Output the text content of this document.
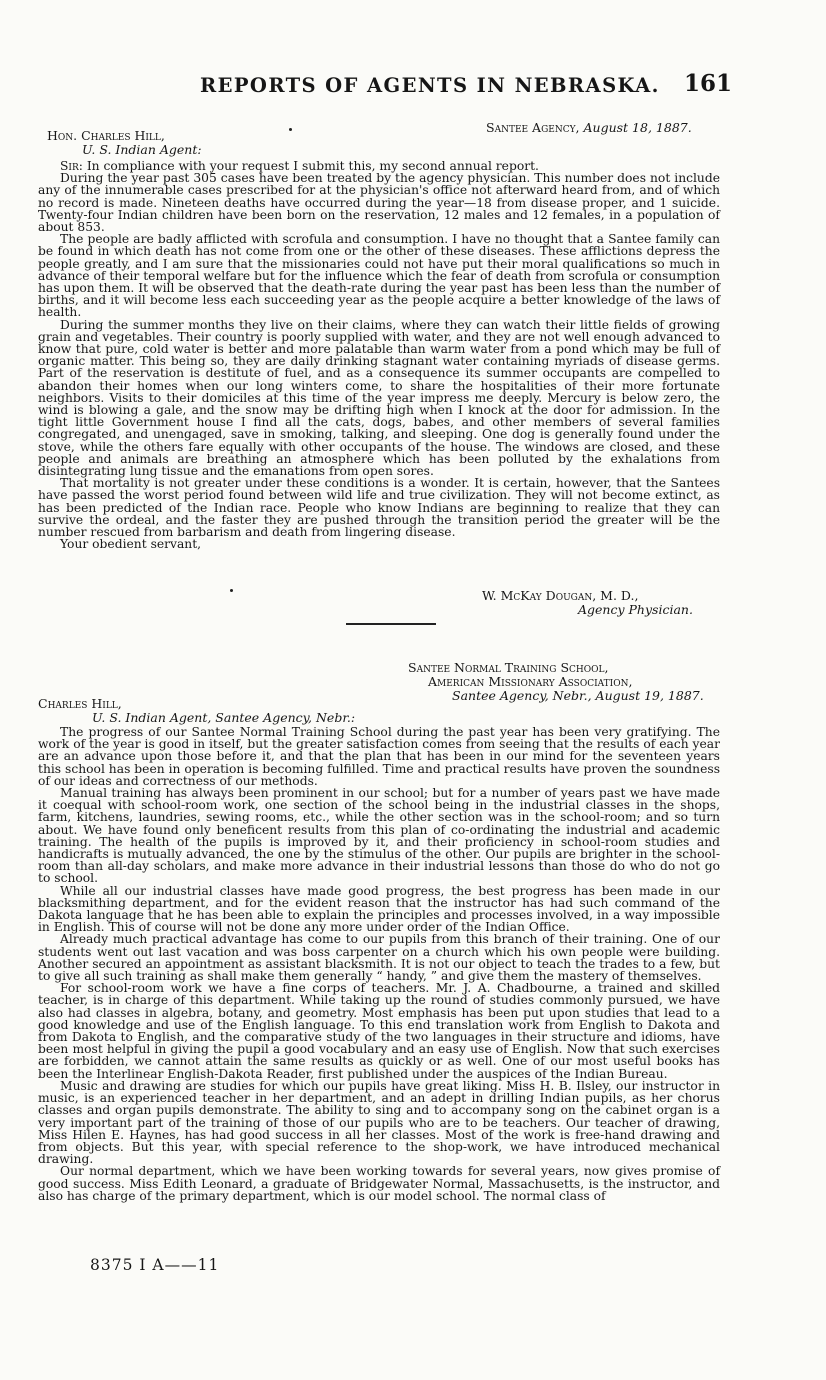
REPORTS OF AGENTS IN NEBRASKA. 161
Santee Agency, August 18, 1887.
Hon. Charles Hill,
U. S. Indian Agent:

Sir: In compliance with your request I submit this, my second annual report.

During the year past 305 cases have been treated by the agency physician. This number does not include any of the innumerable cases prescribed for at the physician's office not afterward heard from, and of which no record is made. Nineteen deaths have occurred during the year—18 from disease proper, and 1 suicide. Twenty-four Indian children have been born on the reservation, 12 males and 12 females, in a population of about 853.

The people are badly afflicted with scrofula and consumption. I have no thought that a Santee family can be found in which death has not come from one or the other of these diseases. These afflictions depress the people greatly, and I am sure that the missionaries could not have put their moral qualifications so much in advance of their temporal welfare but for the influence which the fear of death from scrofula or consumption has upon them. It will be observed that the death-rate during the year past has been less than the number of births, and it will become less each succeeding year as the people acquire a better knowledge of the laws of health.

During the summer months they live on their claims, where they can watch their little fields of growing grain and vegetables. Their country is poorly supplied with water, and they are not well enough advanced to know that pure, cold water is better and more palatable than warm water from a pond which may be full of organic matter. This being so, they are daily drinking stagnant water containing myriads of disease germs. Part of the reservation is destitute of fuel, and as a consequence its summer occupants are compelled to abandon their homes when our long winters come, to share the hospitalities of their more fortunate neighbors. Visits to their domiciles at this time of the year impress me deeply. Mercury is below zero, the wind is blowing a gale, and the snow may be drifting high when I knock at the door for admission. In the tight little Government house I find all the cats, dogs, babes, and other members of several families congregated, and unengaged, save in smoking, talking, and sleeping. One dog is generally found under the stove, while the others fare equally with other occupants of the house. The windows are closed, and these people and animals are breathing an atmosphere which has been polluted by the exhalations from disintegrating lung tissue and the emanations from open sores.

That mortality is not greater under these conditions is a wonder. It is certain, however, that the Santees have passed the worst period found between wild life and true civilization. They will not become extinct, as has been predicted of the Indian race. People who know Indians are beginning to realize that they can survive the ordeal, and the faster they are pushed through the transition period the greater will be the number rescued from barbarism and death from lingering disease.

Your obedient servant,

W. McKay Dougan, M. D.,
Agency Physician.
Santee Normal Training School,
American Missionary Association,
Santee Agency, Nebr., August 19, 1887.
Charles Hill,
U. S. Indian Agent, Santee Agency, Nebr.:

The progress of our Santee Normal Training School during the past year has been very gratifying. The work of the year is good in itself, but the greater satisfaction comes from seeing that the results of each year are an advance upon those before it, and that the plan that has been in our mind for the seventeen years this school has been in operation is becoming fulfilled. Time and practical results have proven the soundness of our ideas and correctness of our methods.

Manual training has always been prominent in our school; but for a number of years past we have made it coequal with school-room work, one section of the school being in the industrial classes in the shops, farm, kitchens, laundries, sewing rooms, etc., while the other section was in the school-room; and so turn about. We have found only beneficent results from this plan of co-ordinating the industrial and academic training. The health of the pupils is improved by it, and their proficiency in school-room studies and handicrafts is mutually advanced, the one by the stimulus of the other. Our pupils are brighter in the school-room than all-day scholars, and make more advance in their industrial lessons than those do who do not go to school.

While all our industrial classes have made good progress, the best progress has been made in our blacksmithing department, and for the evident reason that the instructor has had such command of the Dakota language that he has been able to explain the principles and processes involved, in a way impossible in English. This of course will not be done any more under order of the Indian Office.

Already much practical advantage has come to our pupils from this branch of their training. One of our students went out last vacation and was boss carpenter on a church which his own people were building. Another secured an appointment as assistant blacksmith. It is not our object to teach the trades to a few, but to give all such training as shall make them generally “ handy, ” and give them the mastery of themselves.

For school-room work we have a fine corps of teachers. Mr. J. A. Chadbourne, a trained and skilled teacher, is in charge of this department. While taking up the round of studies commonly pursued, we have also had classes in algebra, botany, and geometry. Most emphasis has been put upon studies that lead to a good knowledge and use of the English language. To this end translation work from English to Dakota and from Dakota to English, and the comparative study of the two languages in their structure and idioms, have been most helpful in giving the pupil a good vocabulary and an easy use of English. Now that such exercises are forbidden, we cannot attain the same results as quickly or as well. One of our most useful books has been the Interlinear English-Dakota Reader, first published under the auspices of the Indian Bureau.

Music and drawing are studies for which our pupils have great liking. Miss H. B. Ilsley, our instructor in music, is an experienced teacher in her department, and an adept in drilling Indian pupils, as her chorus classes and organ pupils demonstrate. The ability to sing and to accompany song on the cabinet organ is a very important part of the training of those of our pupils who are to be teachers. Our teacher of drawing, Miss Hilen E. Haynes, has had good success in all her classes. Most of the work is free-hand drawing and from objects. But this year, with special reference to the shop-work, we have introduced mechanical drawing.

Our normal department, which we have been working towards for several years, now gives promise of good success. Miss Edith Leonard, a graduate of Bridgewater Normal, Massachusetts, is the instructor, and also has charge of the primary department, which is our model school. The normal class of

8375 I A——11
